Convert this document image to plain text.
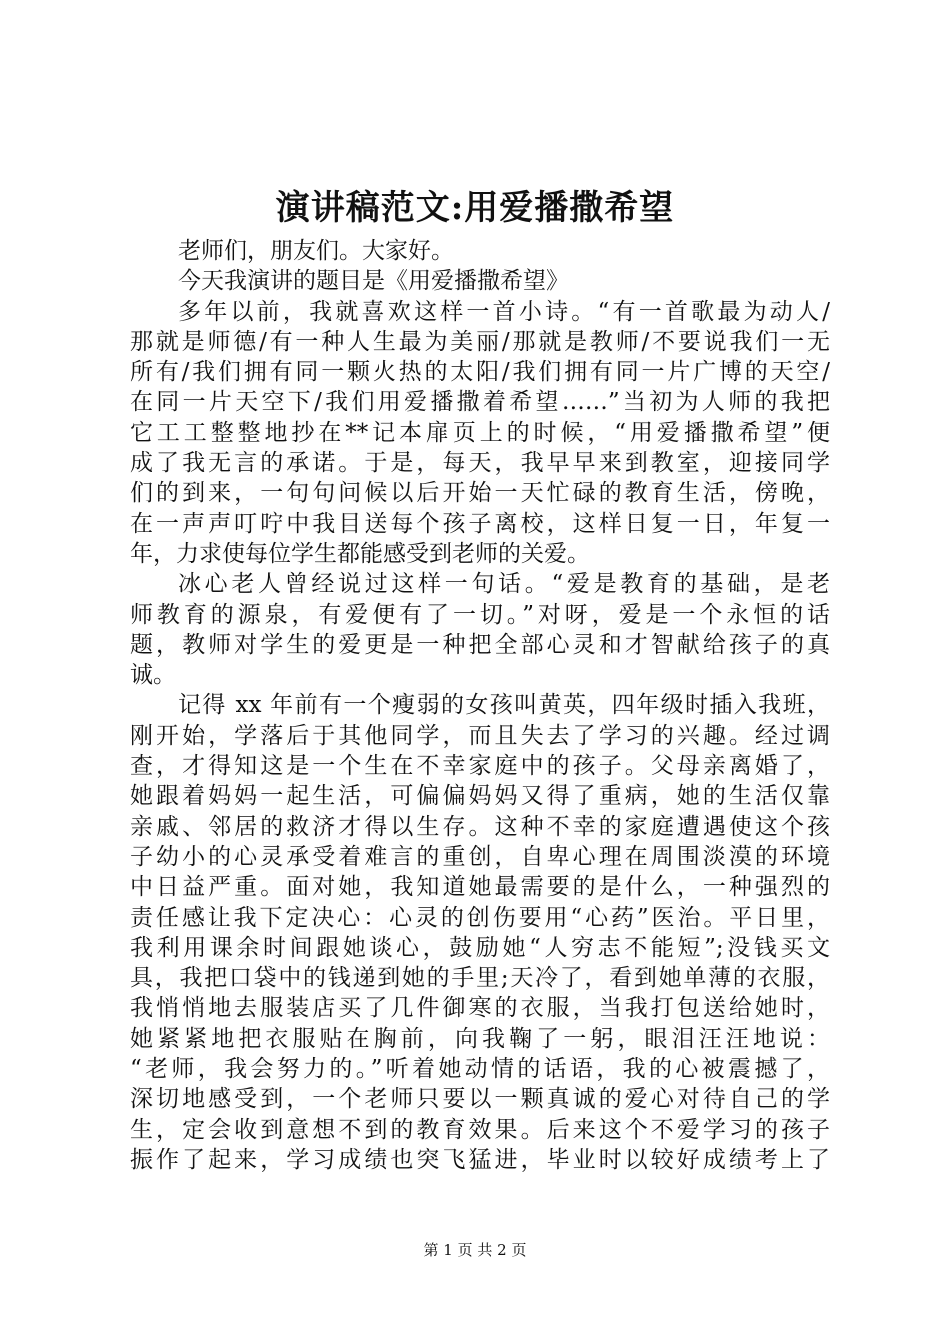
演讲稿范文:用爱播撒希望
老师们，朋友们。大家好。
今天我演讲的题目是《用爱播撒希望》
多年以前，我就喜欢这样一首小诗。“有一首歌最为动人/
那就是师德/有一种人生最为美丽/那就是教师/不要说我们一无
所有/我们拥有同一颗火热的太阳/我们拥有同一片广博的天空/
在同一片天空下/我们用爱播撒着希望……”当初为人师的我把
它工工整整地抄在**记本扉页上的时候，“用爱播撒希望”便
成了我无言的承诺。于是，每天，我早早来到教室，迎接同学
们的到来，一句句问候以后开始一天忙碌的教育生活，傍晚，
在一声声叮咛中我目送每个孩子离校，这样日复一日，年复一
年，力求使每位学生都能感受到老师的关爱。
冰心老人曾经说过这样一句话。“爱是教育的基础，是老
师教育的源泉，有爱便有了一切。”对呀，爱是一个永恒的话
题，教师对学生的爱更是一种把全部心灵和才智献给孩子的真
诚。
记得 xx 年前有一个瘦弱的女孩叫黄英，四年级时插入我班，
刚开始，学落后于其他同学，而且失去了学习的兴趣。经过调
查，才得知这是一个生在不幸家庭中的孩子。父母亲离婚了，
她跟着妈妈一起生活，可偏偏妈妈又得了重病，她的生活仅靠
亲戚、邻居的救济才得以生存。这种不幸的家庭遭遇使这个孩
子幼小的心灵承受着难言的重创，自卑心理在周围淡漠的环境
中日益严重。面对她，我知道她最需要的是什么，一种强烈的
责任感让我下定决心：心灵的创伤要用“心药”医治。平日里，
我利用课余时间跟她谈心，鼓励她“人穷志不能短”;没钱买文
具，我把口袋中的钱递到她的手里;天冷了，看到她单薄的衣服，
我悄悄地去服装店买了几件御寒的衣服，当我打包送给她时，
她紧紧地把衣服贴在胸前，向我鞠了一躬，眼泪汪汪地说：
“老师，我会努力的。”听着她动情的话语，我的心被震撼了，
深切地感受到，一个老师只要以一颗真诚的爱心对待自己的学
生，定会收到意想不到的教育效果。后来这个不爱学习的孩子
振作了起来，学习成绩也突飞猛进，毕业时以较好成绩考上了
第 1 页 共 2 页
